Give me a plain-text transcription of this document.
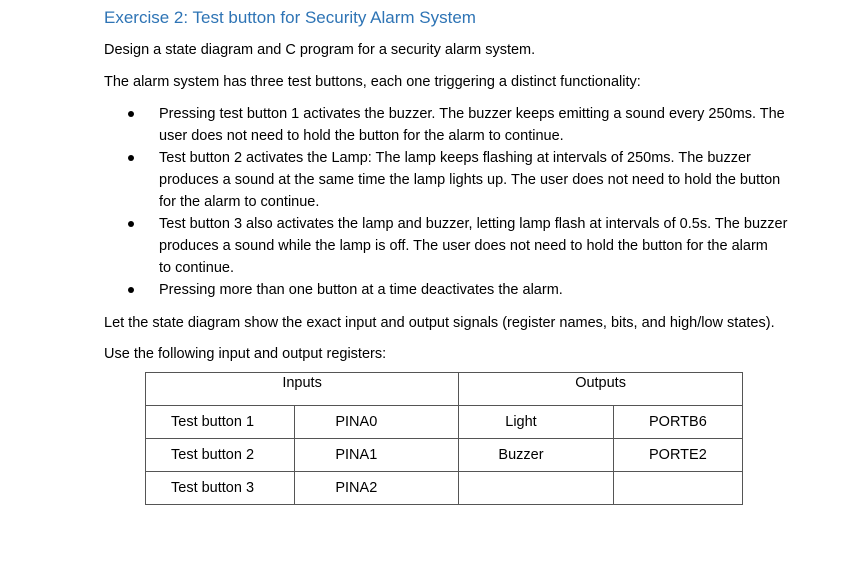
Exercise 2: Test button for Security Alarm System
Design a state diagram and C program for a security alarm system.
The alarm system has three test buttons, each one triggering a distinct functionality:
Pressing test button 1 activates the buzzer. The buzzer keeps emitting a sound every 250ms. The
user does not need to hold the button for the alarm to continue.
Test button 2 activates the Lamp: The lamp keeps flashing at intervals of 250ms. The buzzer
produces a sound at the same time the lamp lights up. The user does not need to hold the button
for the alarm to continue.
Test button 3 also activates the lamp and buzzer, letting lamp flash at intervals of 0.5s. The buzzer
produces a sound while the lamp is off. The user does not need to hold the button for the alarm
to continue.
Pressing more than one button at a time deactivates the alarm.
Let the state diagram show the exact input and output signals (register names, bits, and high/low states).
Use the following input and output registers:
Inputs		Outputs	
Test button 1	PINA0	Light	PORTB6
Test button 2	PINA1	Buzzer	PORTE2
Test button 3	PINA2		
